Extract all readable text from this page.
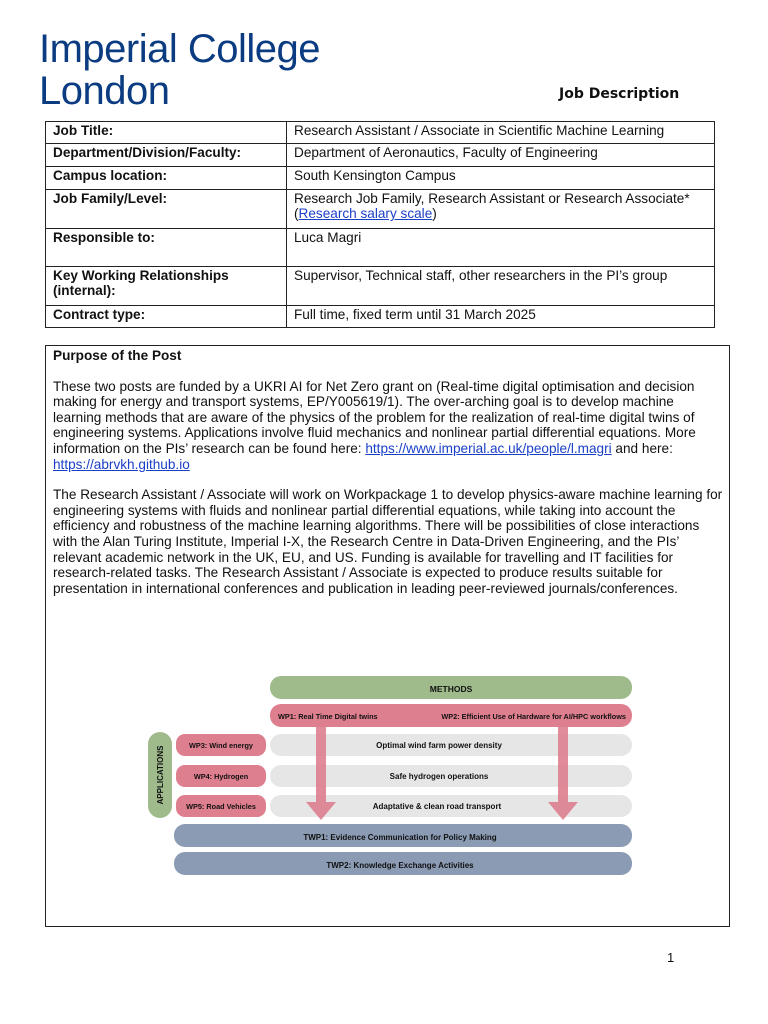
Imperial College
London	Job Description
Job Title:	Research Assistant / Associate in Scientific Machine Learning
Department/Division/Faculty:	Department of Aeronautics, Faculty of Engineering
Campus location:	South Kensington Campus
Job Family/Level:	Research Job Family, Research Assistant or Research Associate* (Research salary scale)
Responsible to:	Luca Magri
Key Working Relationships (internal):	Supervisor, Technical staff, other researchers in the PI’s group
Contract type:	Full time, fixed term until 31 March 2025
Purpose of the Post

These two posts are funded by a UKRI AI for Net Zero grant on (Real-time digital optimisation and decision making for energy and transport systems, EP/Y005619/1). The over-arching goal is to develop machine learning methods that are aware of the physics of the problem for the realization of real-time digital twins of engineering systems. Applications involve fluid mechanics and nonlinear partial differential equations. More information on the PIs’ research can be found here: https://www.imperial.ac.uk/people/l.magri and here: https://abrvkh.github.io

The Research Assistant / Associate will work on Workpackage 1 to develop physics-aware machine learning for engineering systems with fluids and nonlinear partial differential equations, while taking into account the efficiency and robustness of the machine learning algorithms. There will be possibilities of close interactions with the Alan Turing Institute, Imperial I-X, the Research Centre in Data-Driven Engineering, and the PIs’ relevant academic network in the UK, EU, and US. Funding is available for travelling and IT facilities for research-related tasks. The Research Assistant / Associate is expected to produce results suitable for presentation in international conferences and publication in leading peer-reviewed journals/conferences.

METHODS
WP1: Real Time Digital twins	WP2: Efficient Use of Hardware for AI/HPC workflows
APPLICATIONS
WP3: Wind energy
WP4: Hydrogen
WP5: Road Vehicles
Optimal wind farm power density
Safe hydrogen operations
Adaptative & clean road transport
TWP1: Evidence Communication for Policy Making
TWP2: Knowledge Exchange Activities
1
